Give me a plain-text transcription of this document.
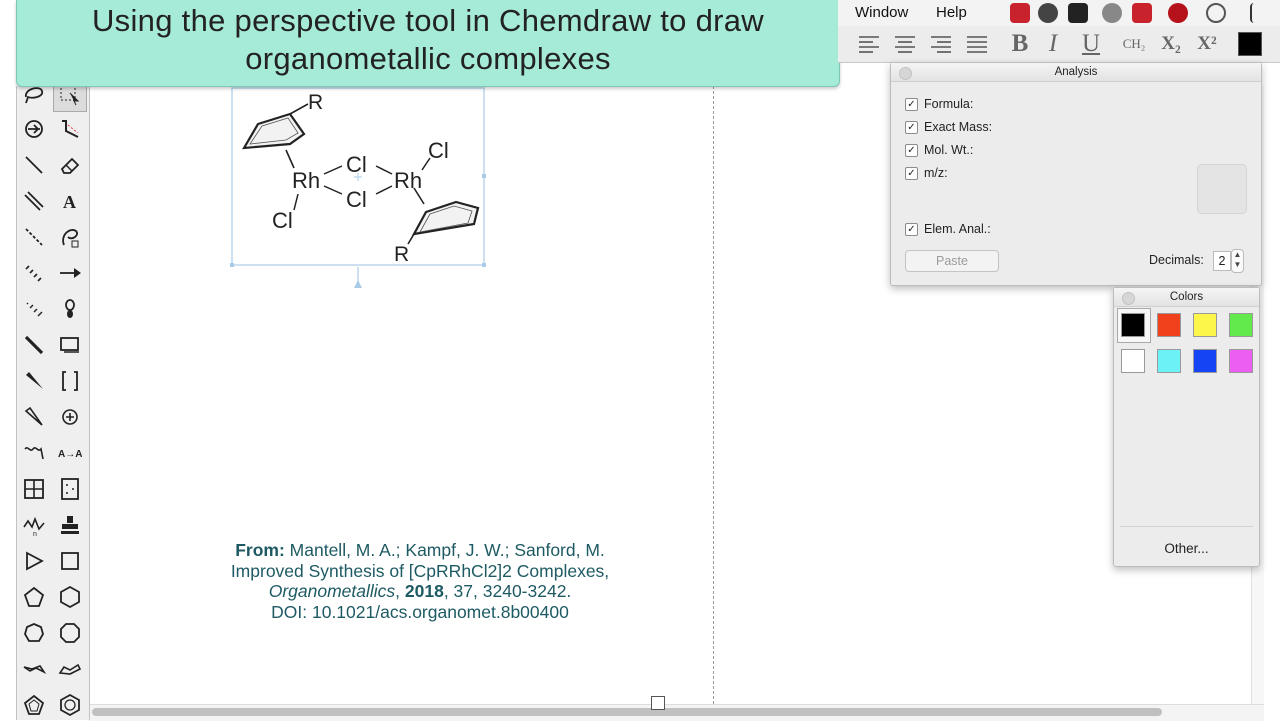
R
Rh
Cl
Cl
Rh
Cl
Cl
R
From: Mantell, M. A.; Kampf, J. W.; Sanford, M.
Improved Synthesis of [CpRRhCl2]2 Complexes,
Organometallics, 2018, 37, 3240-3242.
DOI: 10.1021/acs.organomet.8b00400
A
A→A
n
Using the perspective tool in Chemdraw to draw
organometallic complexes
Window Help
B I U CH₂ X₂ X²
Analysis
✓ Formula:
✓ Exact Mass:
✓ Mol. Wt.:
✓ m/z:
✓ Elem. Anal.:
Paste	Decimals:	2	▲
▼
Colors
Other...
